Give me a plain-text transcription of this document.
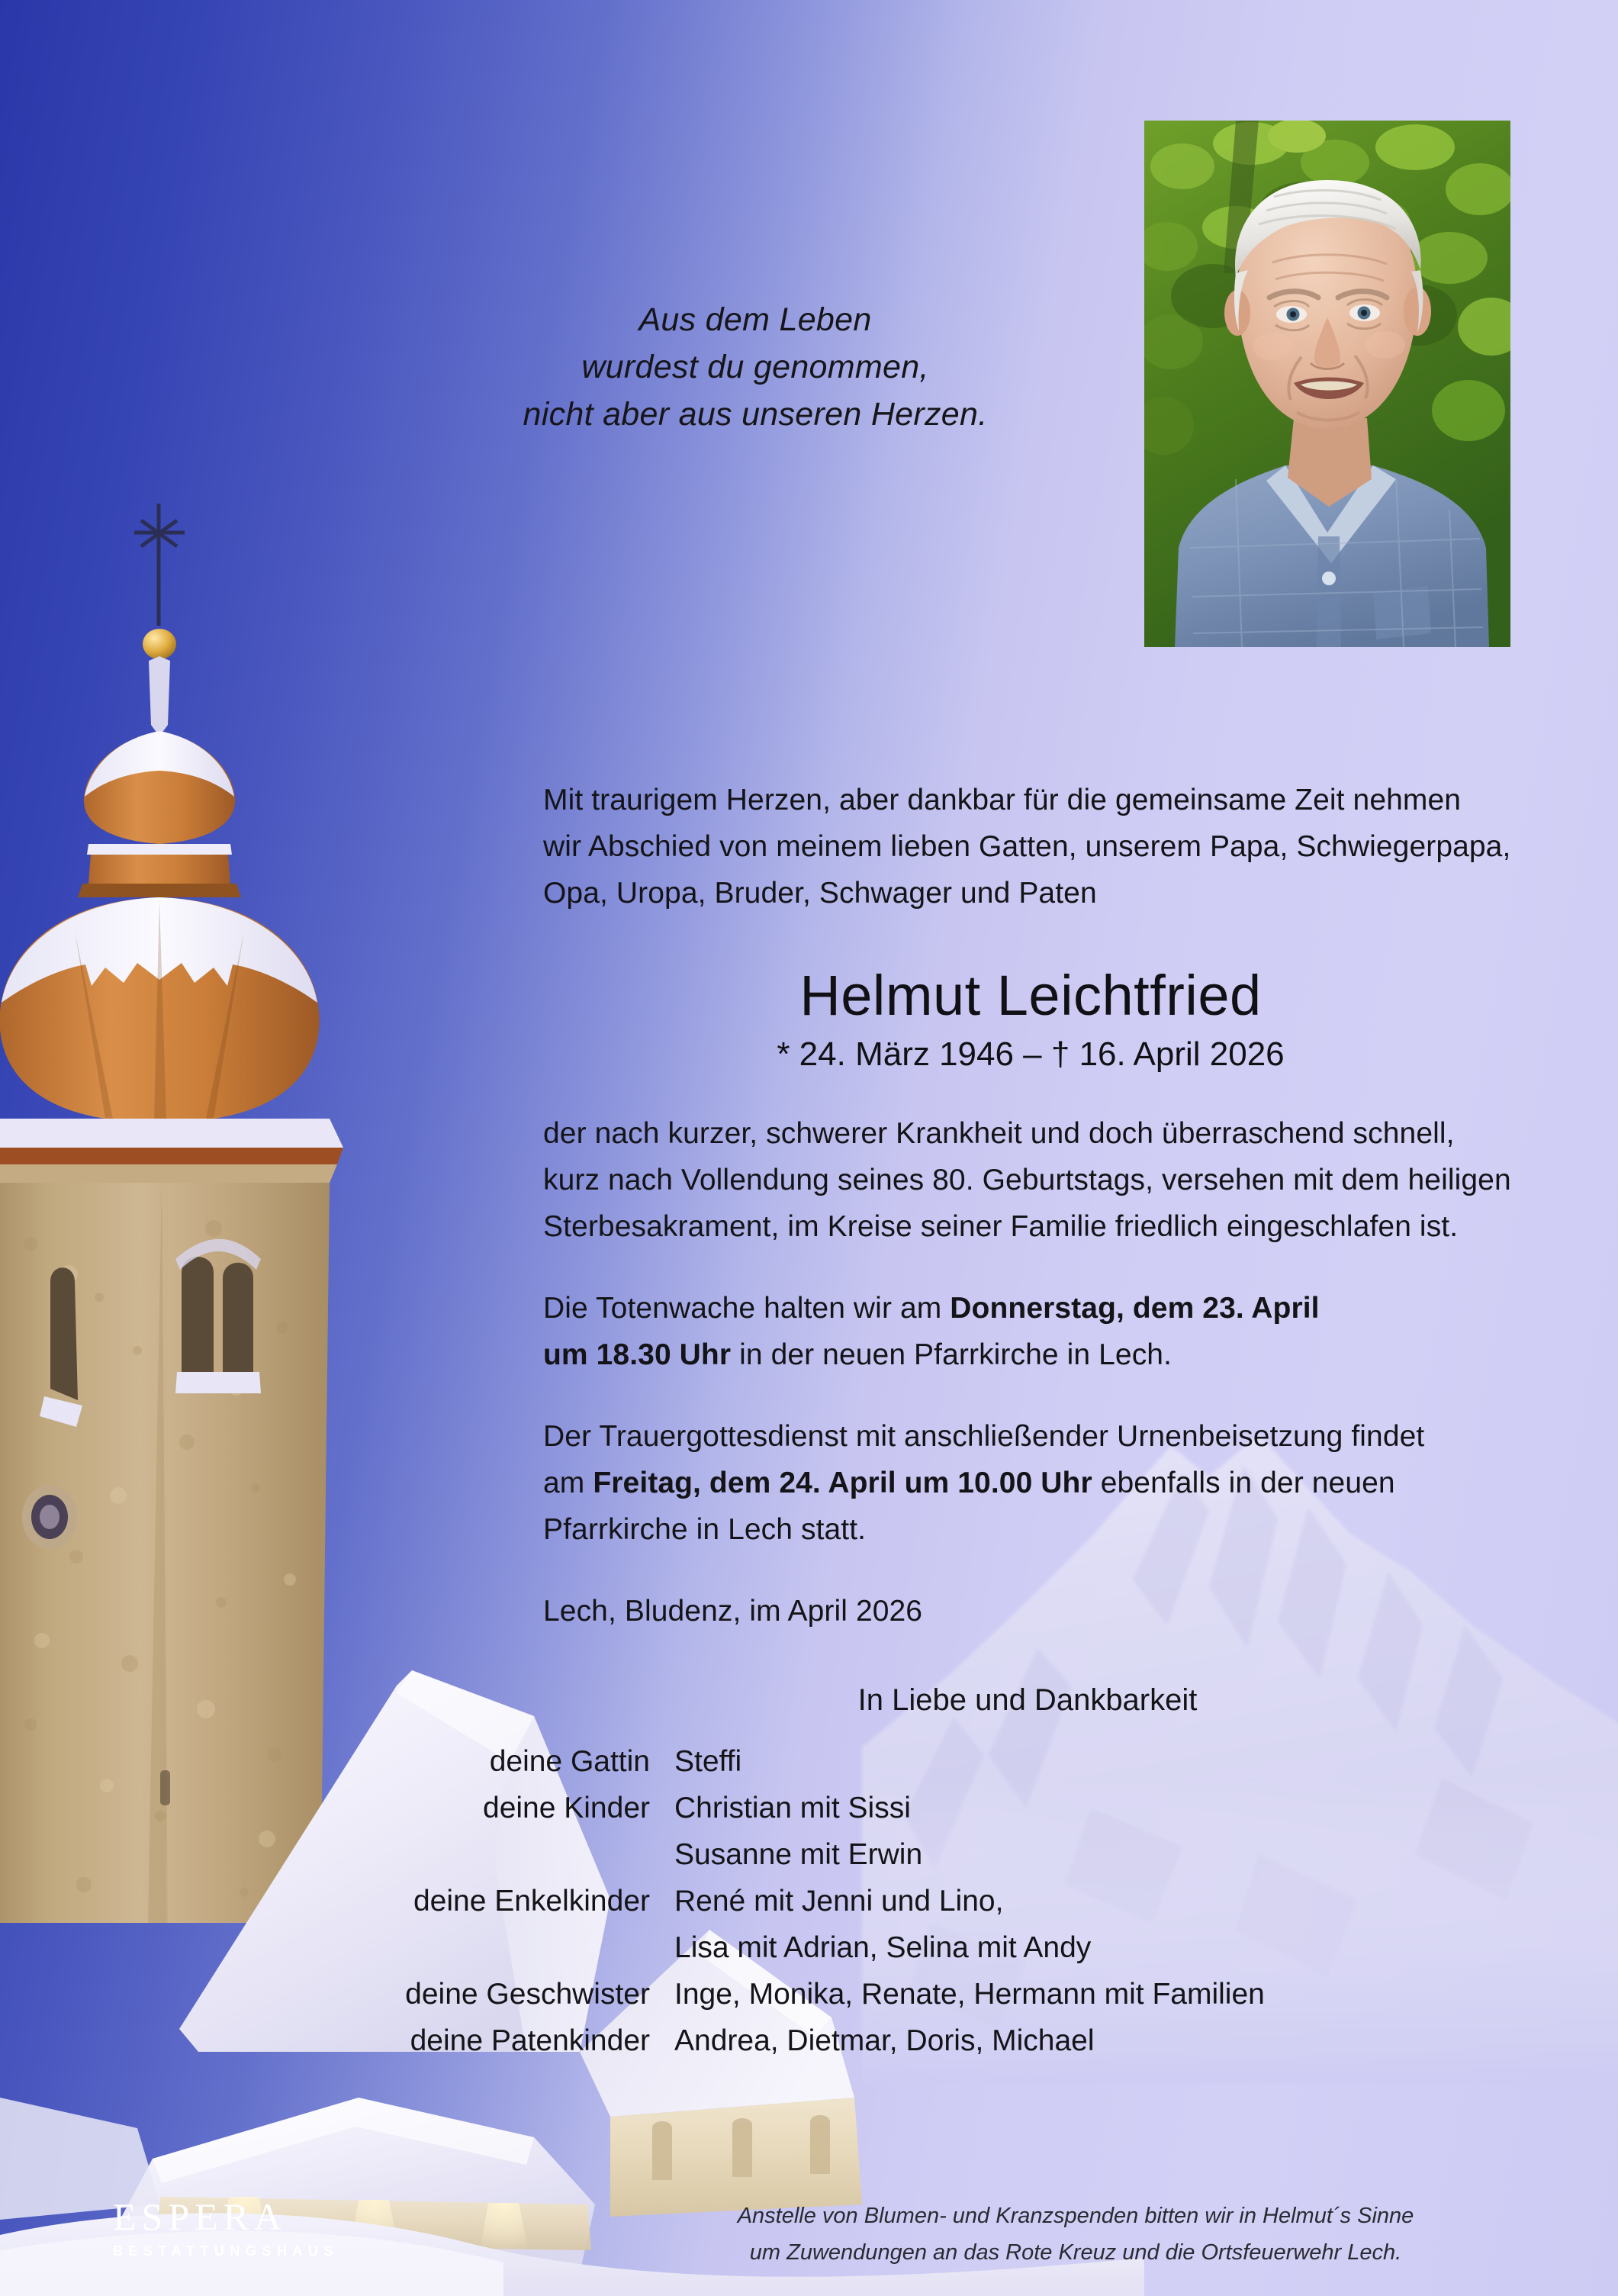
Aus dem Leben
wurdest du genommen,
nicht aber aus unseren Herzen.
Mit traurigem Herzen, aber dankbar für die gemeinsame Zeit nehmen
wir Abschied von meinem lieben Gatten, unserem Papa, Schwiegerpapa,
Opa, Uropa, Bruder, Schwager und Paten
Helmut Leichtfried
* 24. März 1946 – † 16. April 2026
der nach kurzer, schwerer Krankheit und doch überraschend schnell,
kurz nach Vollendung seines 80. Geburtstags, versehen mit dem heiligen
Sterbesakrament, im Kreise seiner Familie friedlich eingeschlafen ist.
Die Totenwache halten wir am Donnerstag, dem 23. April
um 18.30 Uhr in der neuen Pfarrkirche in Lech.
Der Trauergottesdienst mit anschließender Urnenbeisetzung findet
am Freitag, dem 24. April um 10.00 Uhr ebenfalls in der neuen
Pfarrkirche in Lech statt.
Lech, Bludenz, im April 2026
In Liebe und Dankbarkeit
deine Gattin Steffi
deine Kinder Christian mit Sissi
Susanne mit Erwin
deine Enkelkinder René mit Jenni und Lino,
Lisa mit Adrian, Selina mit Andy
deine Geschwister Inge, Monika, Renate, Hermann mit Familien
deine Patenkinder Andrea, Dietmar, Doris, Michael
Anstelle von Blumen- und Kranzspenden bitten wir in Helmut´s Sinne
um Zuwendungen an das Rote Kreuz und die Ortsfeuerwehr Lech.
ESPERA
BESTATTUNGSHAUS
